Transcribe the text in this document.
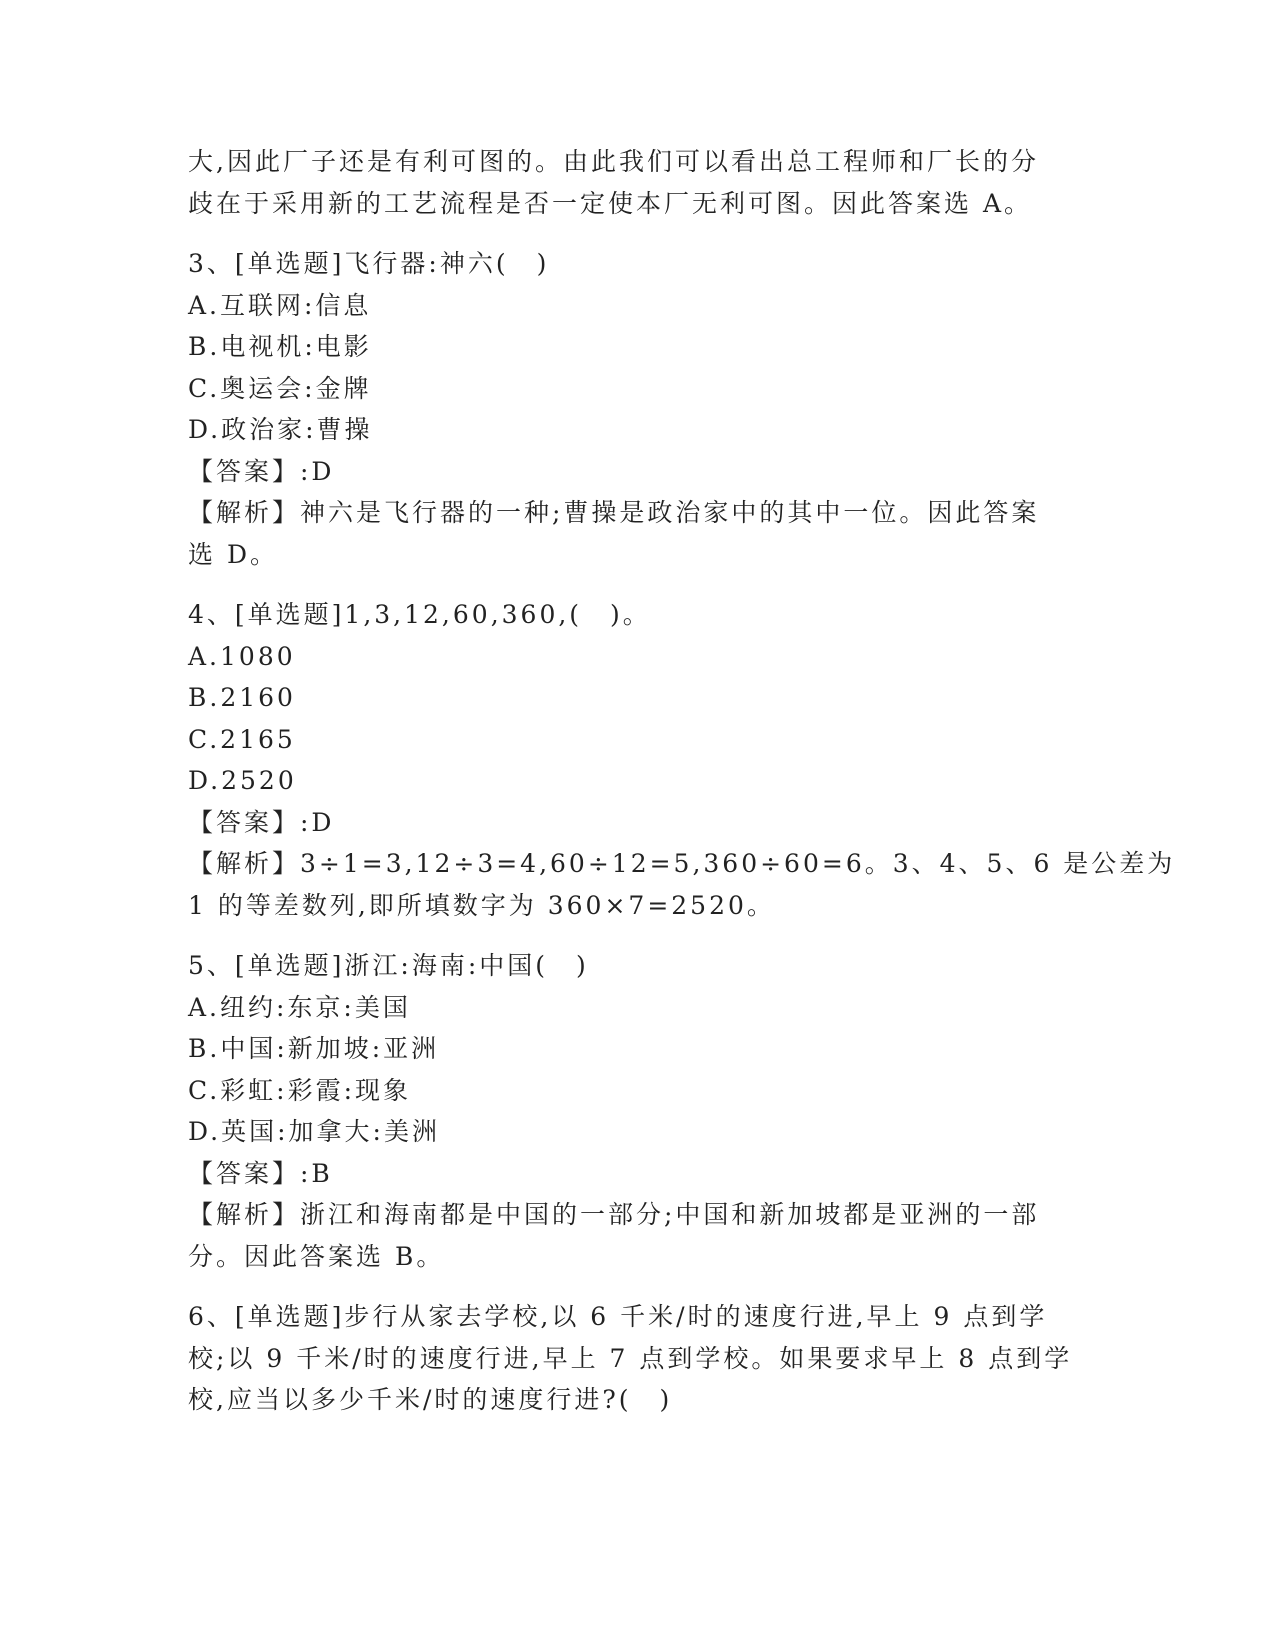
大,因此厂子还是有利可图的。由此我们可以看出总工程师和厂长的分
歧在于采用新的工艺流程是否一定使本厂无利可图。因此答案选 A。
3、[单选题]飞行器:神六(　)
A.互联网:信息
B.电视机:电影
C.奥运会:金牌
D.政治家:曹操
【答案】:D
【解析】神六是飞行器的一种;曹操是政治家中的其中一位。因此答案
选 D。
4、[单选题]1,3,12,60,360,(　)。
A.1080
B.2160
C.2165
D.2520
【答案】:D
【解析】3÷1=3,12÷3=4,60÷12=5,360÷60=6。3、4、5、6 是公差为
1 的等差数列,即所填数字为 360×7=2520。
5、[单选题]浙江:海南:中国(　)
A.纽约:东京:美国
B.中国:新加坡:亚洲
C.彩虹:彩霞:现象
D.英国:加拿大:美洲
【答案】:B
【解析】浙江和海南都是中国的一部分;中国和新加坡都是亚洲的一部
分。因此答案选 B。
6、[单选题]步行从家去学校,以 6 千米/时的速度行进,早上 9 点到学
校;以 9 千米/时的速度行进,早上 7 点到学校。如果要求早上 8 点到学
校,应当以多少千米/时的速度行进?(　)
